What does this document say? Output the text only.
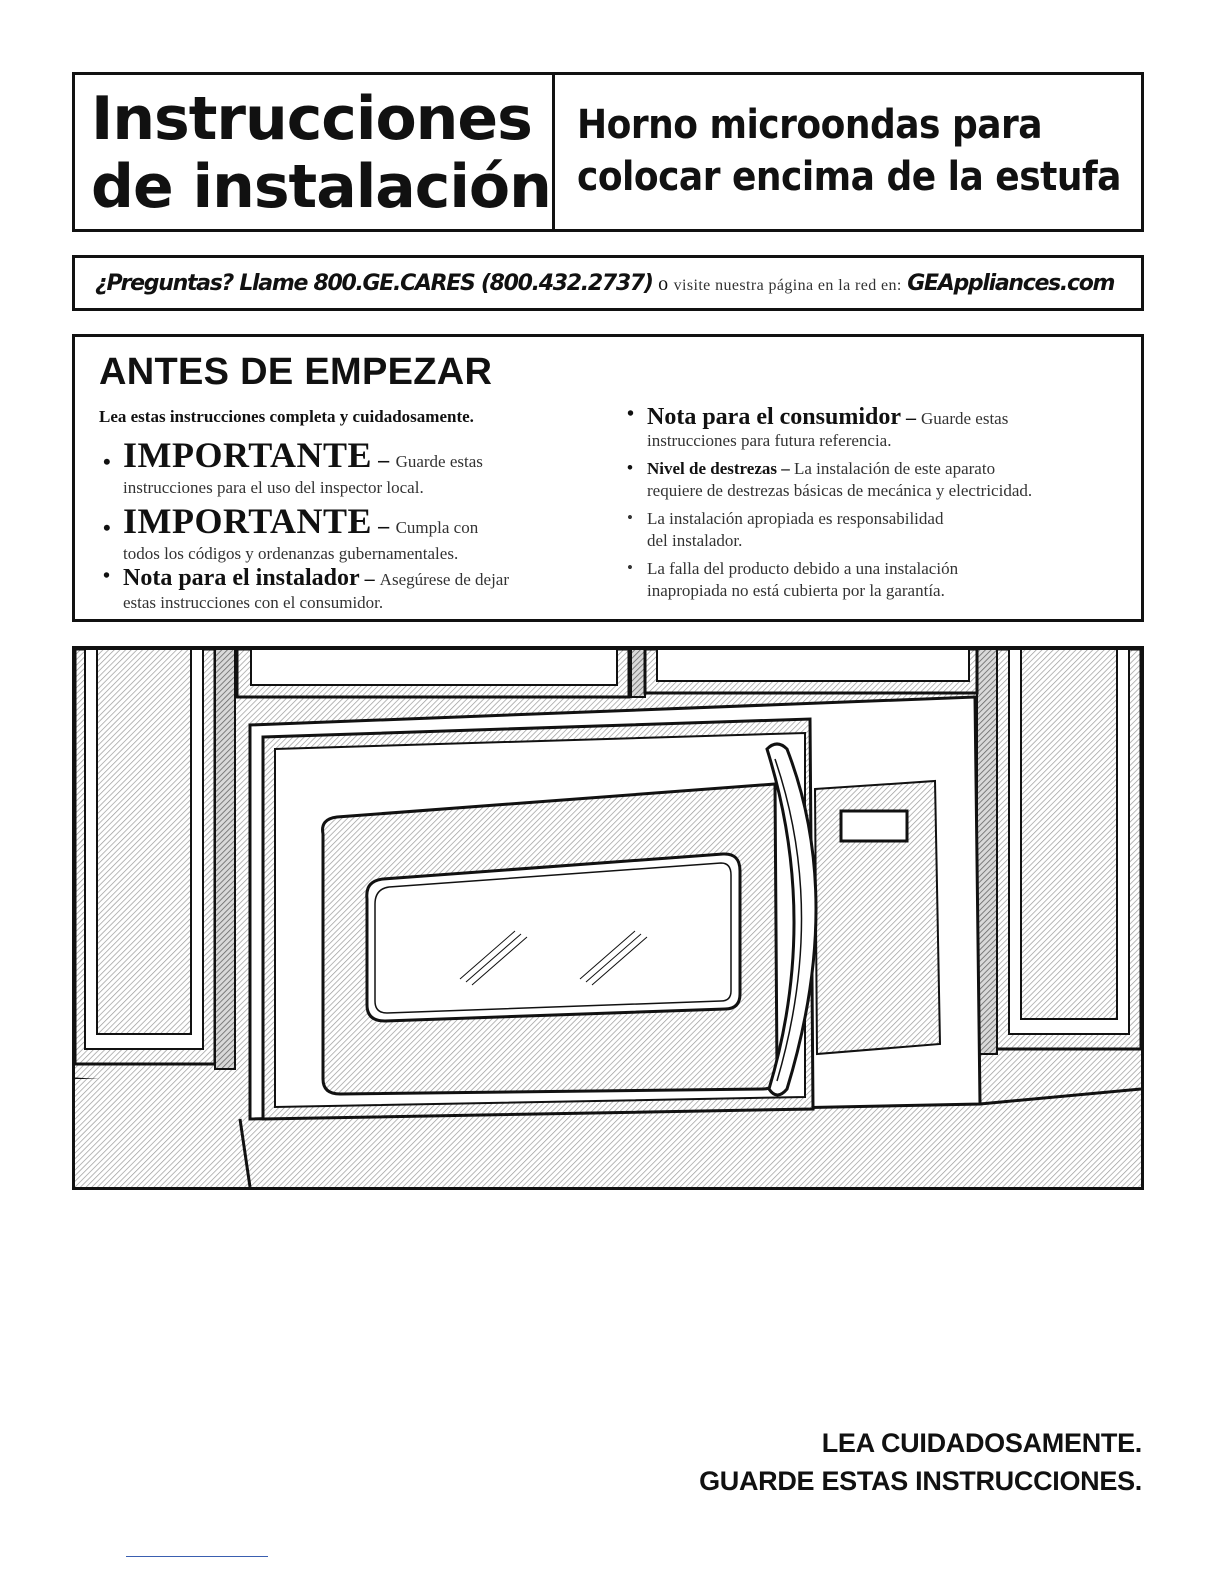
Instrucciones
de instalación
Horno microondas para
colocar encima de la estufa
¿Preguntas? Llame 800.GE.CARES (800.432.2737) o visite nuestra página en la red en: GEAppliances.com
ANTES DE EMPEZAR

Lea estas instrucciones completa y cuidadosamente.

• IMPORTANTE – Guarde estas
instrucciones para el uso del inspector local.
• IMPORTANTE – Cumpla con
todos los códigos y ordenanzas gubernamentales.
• Nota para el instalador – Asegúrese de dejar
estas instrucciones con el consumidor.
• Nota para el consumidor – Guarde estas
instrucciones para futura referencia.
• Nivel de destrezas – La instalación de este aparato
requiere de destrezas básicas de mecánica y electricidad.
• La instalación apropiada es responsabilidad
del instalador.
• La falla del producto debido a una instalación
inapropiada no está cubierta por la garantía.

LEA CUIDADOSAMENTE.

GUARDE ESTAS INSTRUCCIONES.
